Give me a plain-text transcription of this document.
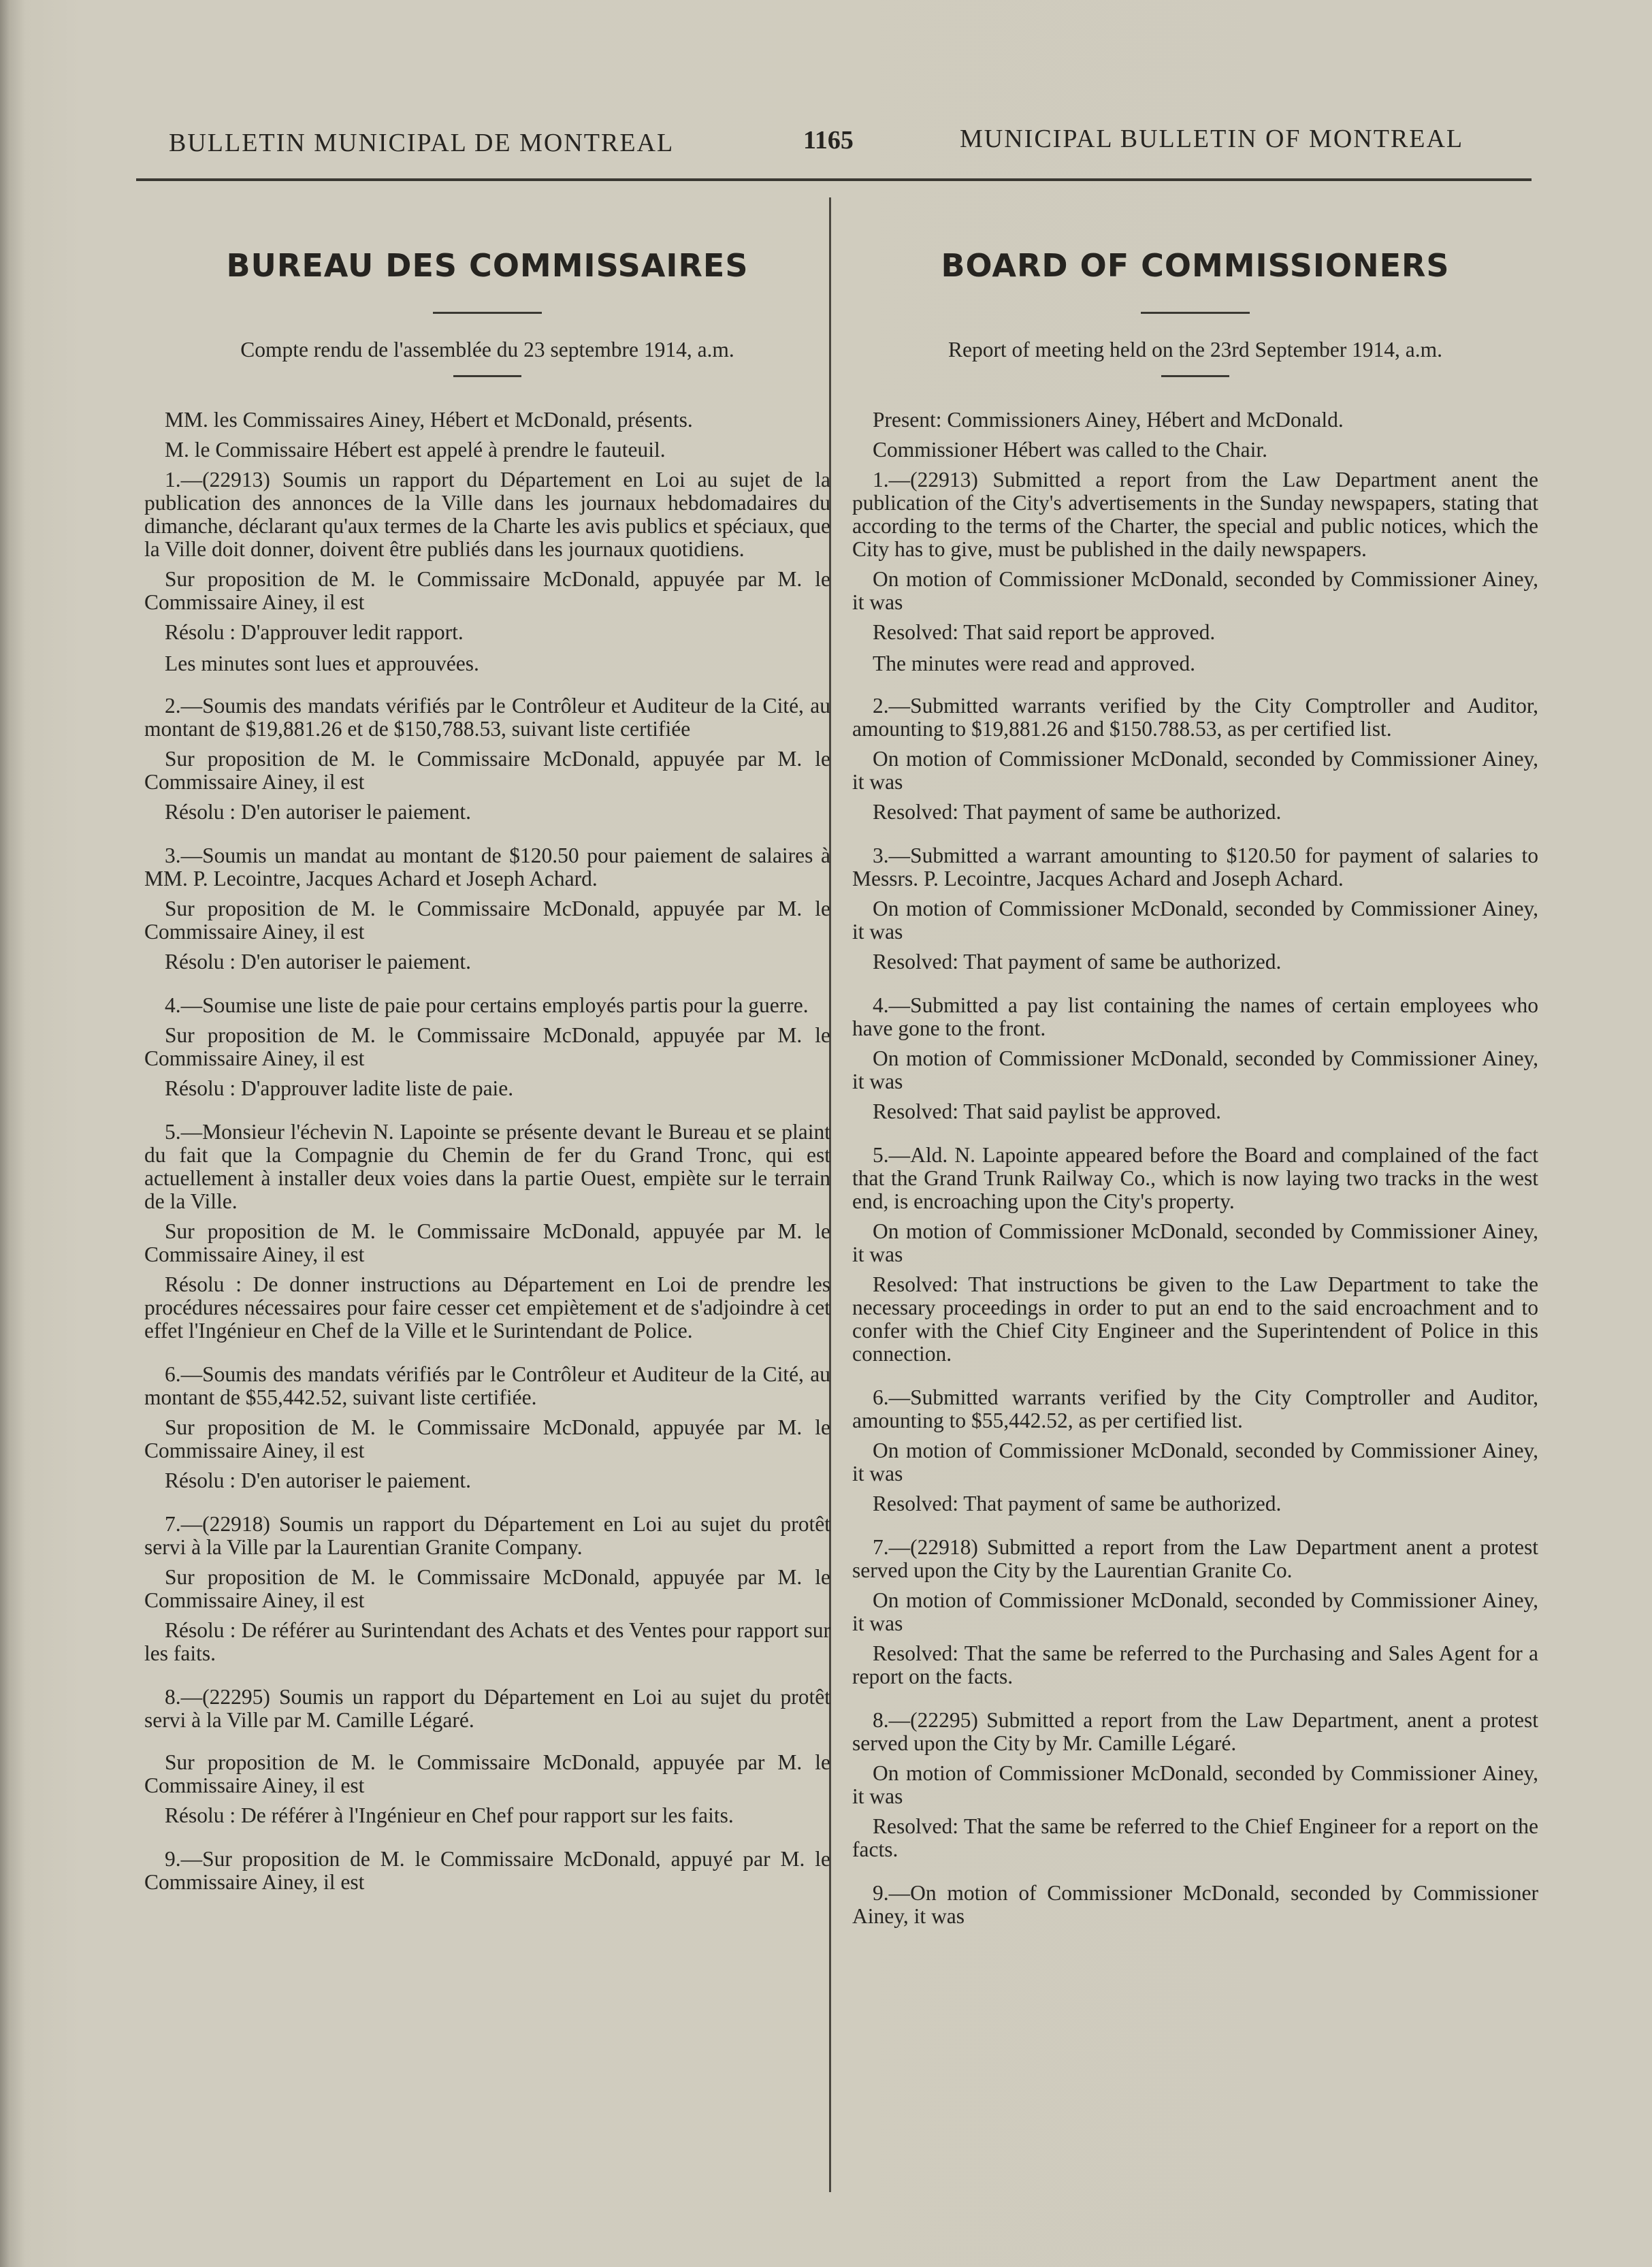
BULLETIN MUNICIPAL DE MONTREAL	1165	MUNICIPAL BULLETIN OF MONTREAL
BUREAU DES COMMISSAIRES

Compte rendu de l'assemblée du 23 septembre 1914, a.m.

MM. les Commissaires Ainey, Hébert et McDonald, présents.

M. le Commissaire Hébert est appelé à prendre le fauteuil.

1.—(22913) Soumis un rapport du Département en Loi au sujet de la publication des annonces de la Ville dans les journaux hebdomadaires du dimanche, déclarant qu'aux termes de la Charte les avis publics et spéciaux, que la Ville doit donner, doivent être publiés dans les journaux quotidiens.

Sur proposition de M. le Commissaire McDonald, appuyée par M. le Commissaire Ainey, il est

Résolu : D'approuver ledit rapport.

Les minutes sont lues et approuvées.

2.—Soumis des mandats vérifiés par le Contrôleur et Auditeur de la Cité, au montant de $19,881.26 et de $150,788.53, suivant liste certifiée

Sur proposition de M. le Commissaire McDonald, appuyée par M. le Commissaire Ainey, il est

Résolu : D'en autoriser le paiement.

3.—Soumis un mandat au montant de $120.50 pour paiement de salaires à MM. P. Lecointre, Jacques Achard et Joseph Achard.

Sur proposition de M. le Commissaire McDonald, appuyée par M. le Commissaire Ainey, il est

Résolu : D'en autoriser le paiement.

4.—Soumise une liste de paie pour certains employés partis pour la guerre.

Sur proposition de M. le Commissaire McDonald, appuyée par M. le Commissaire Ainey, il est

Résolu : D'approuver ladite liste de paie.

5.—Monsieur l'échevin N. Lapointe se présente devant le Bureau et se plaint du fait que la Compagnie du Chemin de fer du Grand Tronc, qui est actuellement à installer deux voies dans la partie Ouest, empiète sur le terrain de la Ville.

Sur proposition de M. le Commissaire McDonald, appuyée par M. le Commissaire Ainey, il est

Résolu : De donner instructions au Département en Loi de prendre les procédures nécessaires pour faire cesser cet empiètement et de s'adjoindre à cet effet l'Ingénieur en Chef de la Ville et le Surintendant de Police.

6.—Soumis des mandats vérifiés par le Contrôleur et Auditeur de la Cité, au montant de $55,442.52, suivant liste certifiée.

Sur proposition de M. le Commissaire McDonald, appuyée par M. le Commissaire Ainey, il est

Résolu : D'en autoriser le paiement.

7.—(22918) Soumis un rapport du Département en Loi au sujet du protêt servi à la Ville par la Laurentian Granite Company.

Sur proposition de M. le Commissaire McDonald, appuyée par M. le Commissaire Ainey, il est

Résolu : De référer au Surintendant des Achats et des Ventes pour rapport sur les faits.

8.—(22295) Soumis un rapport du Département en Loi au sujet du protêt servi à la Ville par M. Camille Légaré.

Sur proposition de M. le Commissaire McDonald, appuyée par M. le Commissaire Ainey, il est

Résolu : De référer à l'Ingénieur en Chef pour rapport sur les faits.

9.—Sur proposition de M. le Commissaire McDonald, appuyé par M. le Commissaire Ainey, il est

BOARD OF COMMISSIONERS

Report of meeting held on the 23rd September 1914, a.m.

Present: Commissioners Ainey, Hébert and McDonald.

Commissioner Hébert was called to the Chair.

1.—(22913) Submitted a report from the Law Department anent the publication of the City's advertisements in the Sunday newspapers, stating that according to the terms of the Charter, the special and public notices, which the City has to give, must be published in the daily newspapers.

On motion of Commissioner McDonald, seconded by Commissioner Ainey, it was

Resolved: That said report be approved.

The minutes were read and approved.

2.—Submitted warrants verified by the City Comptroller and Auditor, amounting to $19,881.26 and $150.788.53, as per certified list.

On motion of Commissioner McDonald, seconded by Commissioner Ainey, it was

Resolved: That payment of same be authorized.

3.—Submitted a warrant amounting to $120.50 for payment of salaries to Messrs. P. Lecointre, Jacques Achard and Joseph Achard.

On motion of Commissioner McDonald, seconded by Commissioner Ainey, it was

Resolved: That payment of same be authorized.

4.—Submitted a pay list containing the names of certain employees who have gone to the front.

On motion of Commissioner McDonald, seconded by Commissioner Ainey, it was

Resolved: That said paylist be approved.

5.—Ald. N. Lapointe appeared before the Board and complained of the fact that the Grand Trunk Railway Co., which is now laying two tracks in the west end, is encroaching upon the City's property.

On motion of Commissioner McDonald, seconded by Commissioner Ainey, it was

Resolved: That instructions be given to the Law Department to take the necessary proceedings in order to put an end to the said encroachment and to confer with the Chief City Engineer and the Superintendent of Police in this connection.

6.—Submitted warrants verified by the City Comptroller and Auditor, amounting to $55,442.52, as per certified list.

On motion of Commissioner McDonald, seconded by Commissioner Ainey, it was

Resolved: That payment of same be authorized.

7.—(22918) Submitted a report from the Law Department anent a protest served upon the City by the Laurentian Granite Co.

On motion of Commissioner McDonald, seconded by Commissioner Ainey, it was

Resolved: That the same be referred to the Purchasing and Sales Agent for a report on the facts.

8.—(22295) Submitted a report from the Law Department, anent a protest served upon the City by Mr. Camille Légaré.

On motion of Commissioner McDonald, seconded by Commissioner Ainey, it was

Resolved: That the same be referred to the Chief Engineer for a report on the facts.

9.—On motion of Commissioner McDonald, seconded by Commissioner Ainey, it was
